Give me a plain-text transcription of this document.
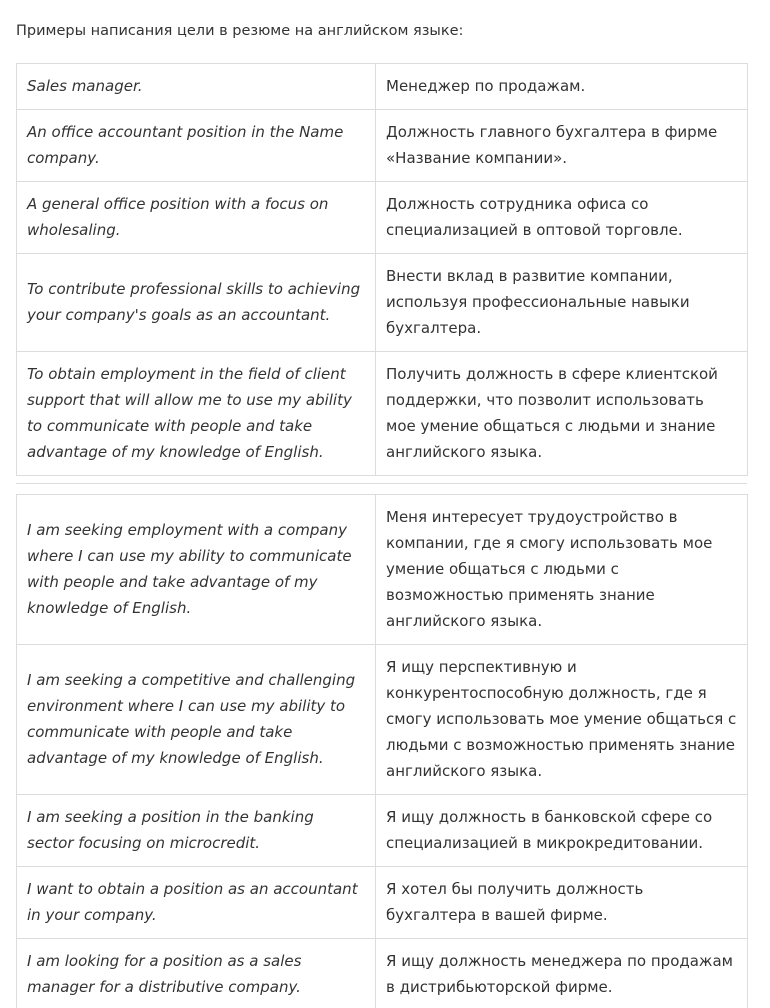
Примеры написания цели в резюме на английском языке:

Sales manager.	Менеджер по продажам.
An office accountant position in the Name company.	Должность главного бухгалтера в фирме «Название компании».
A general office position with a focus on wholesaling.	Должность сотрудника офиса со специализацией в оптовой торговле.
To contribute professional skills to achieving your company's goals as an accountant.	Внести вклад в развитие компании, используя профессиональные навыки бухгалтера.
To obtain employment in the field of client support that will allow me to use my ability to communicate with people and take advantage of my knowledge of English.	Получить должность в сфере клиентской поддержки, что позволит использовать мое умение общаться с людьми и знание английского языка.
I am seeking employment with a company where I can use my ability to communicate with people and take advantage of my knowledge of English.	Меня интересует трудоустройство в компании, где я смогу использовать мое умение общаться с людьми с возможностью применять знание английского языка.
I am seeking a competitive and challenging environment where I can use my ability to communicate with people and take advantage of my knowledge of English.	Я ищу перспективную и конкурентоспособную должность, где я смогу использовать мое умение общаться с людьми с возможностью применять знание английского языка.
I am seeking a position in the banking sector focusing on microcredit.	Я ищу должность в банковской сфере со специализацией в микрокредитовании.
I want to obtain a position as an accountant in your company.	Я хотел бы получить должность бухгалтера в вашей фирме.
I am looking for a position as a sales manager for a distributive company.	Я ищу должность менеджера по продажам в дистрибьюторской фирме.
